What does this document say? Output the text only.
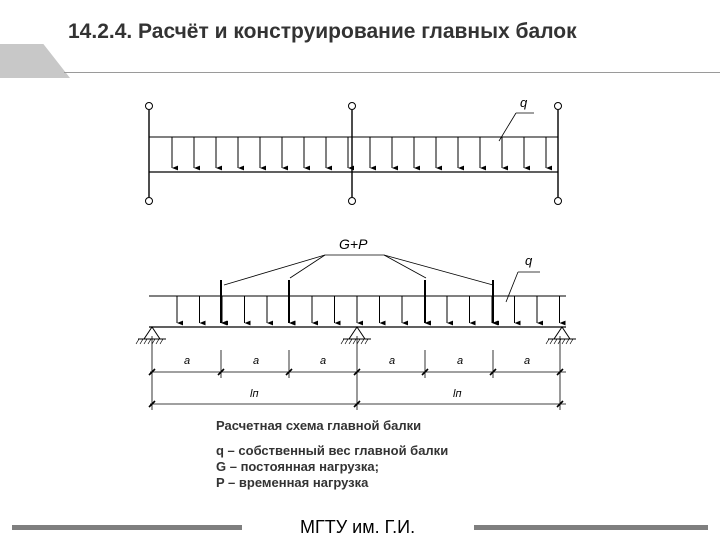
14.2.4. Расчёт и конструирование главных балок
q
G+P
q
a	a	a	a	a	a
lп	lп
Расчетная схема главной балки
q – собственный вес главной балки
G – постоянная нагрузка;
P – временная нагрузка
МГТУ им. Г.И.
